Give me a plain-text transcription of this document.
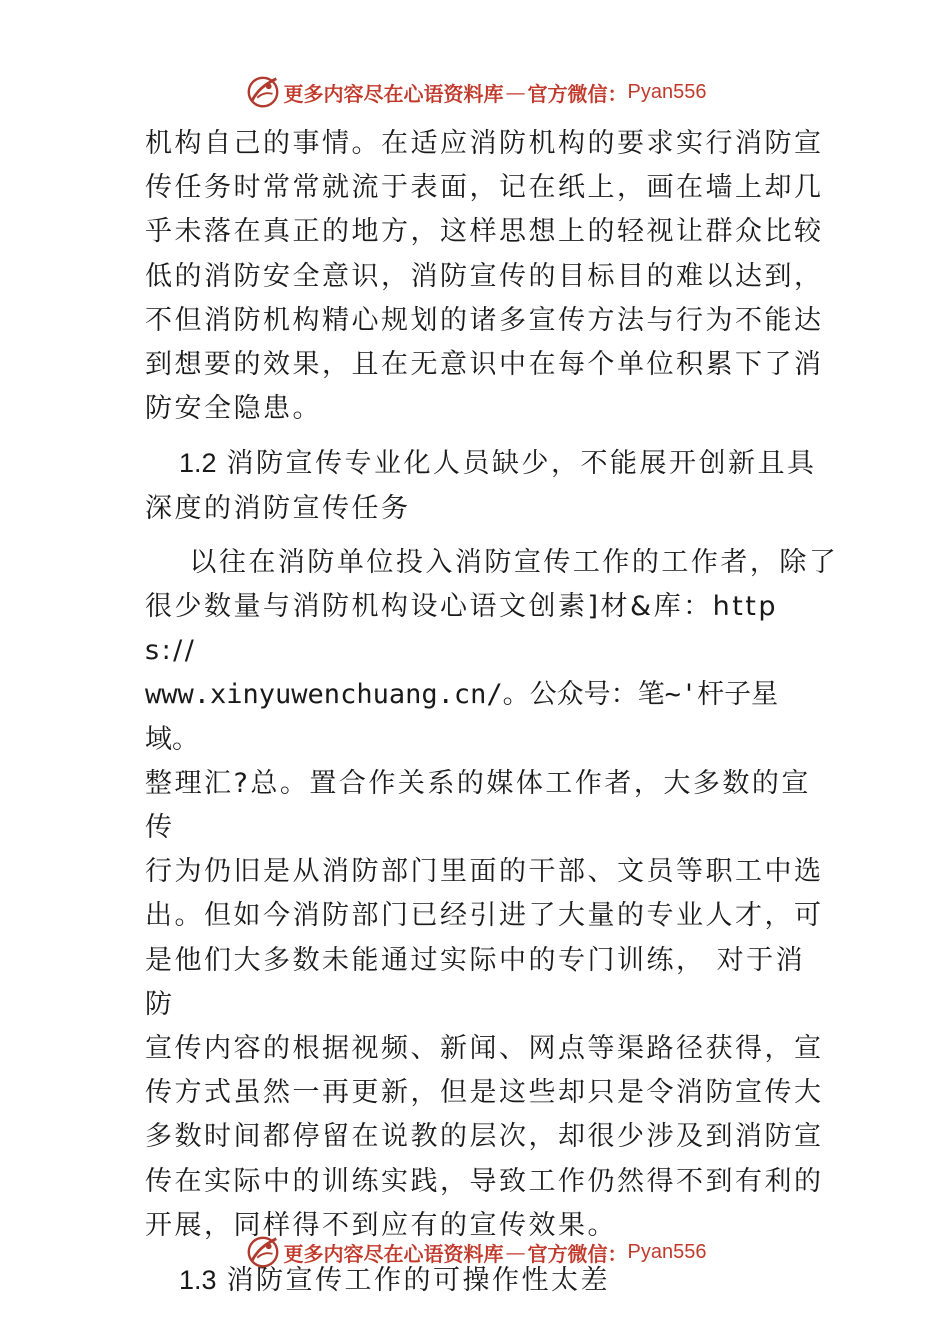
更多内容尽在心语资料库 — 官方微信： Pyan556

机构自己的事情。在适应消防机构的要求实行消防宣
传任务时常常就流于表面，记在纸上，画在墙上却几
乎未落在真正的地方，这样思想上的轻视让群众比较
低的消防安全意识，消防宣传的目标目的难以达到，
不但消防机构精心规划的诸多宣传方法与行为不能达
到想要的效果，且在无意识中在每个单位积累下了消
防安全隐患。

1.2 消防宣传专业化人员缺少，不能展开创新且具
深度的消防宣传任务

以往在消防单位投入消防宣传工作的工作者，除了
很少数量与消防机构设心语文创素]材&库：https://
www.xinyuwenchuang.cn/。公众号：笔~'杆子星域。
整理汇?总。置合作关系的媒体工作者，大多数的宣传
行为仍旧是从消防部门里面的干部、文员等职工中选
出。但如今消防部门已经引进了大量的专业人才，可
是他们大多数未能通过实际中的专门训练， 对于消防
宣传内容的根据视频、新闻、网点等渠路径获得，宣
传方式虽然一再更新，但是这些却只是令消防宣传大
多数时间都停留在说教的层次，却很少涉及到消防宣
传在实际中的训练实践，导致工作仍然得不到有利的
开展，同样得不到应有的宣传效果。

1.3 消防宣传工作的可操作性太差

更多内容尽在心语资料库 — 官方微信： Pyan556
